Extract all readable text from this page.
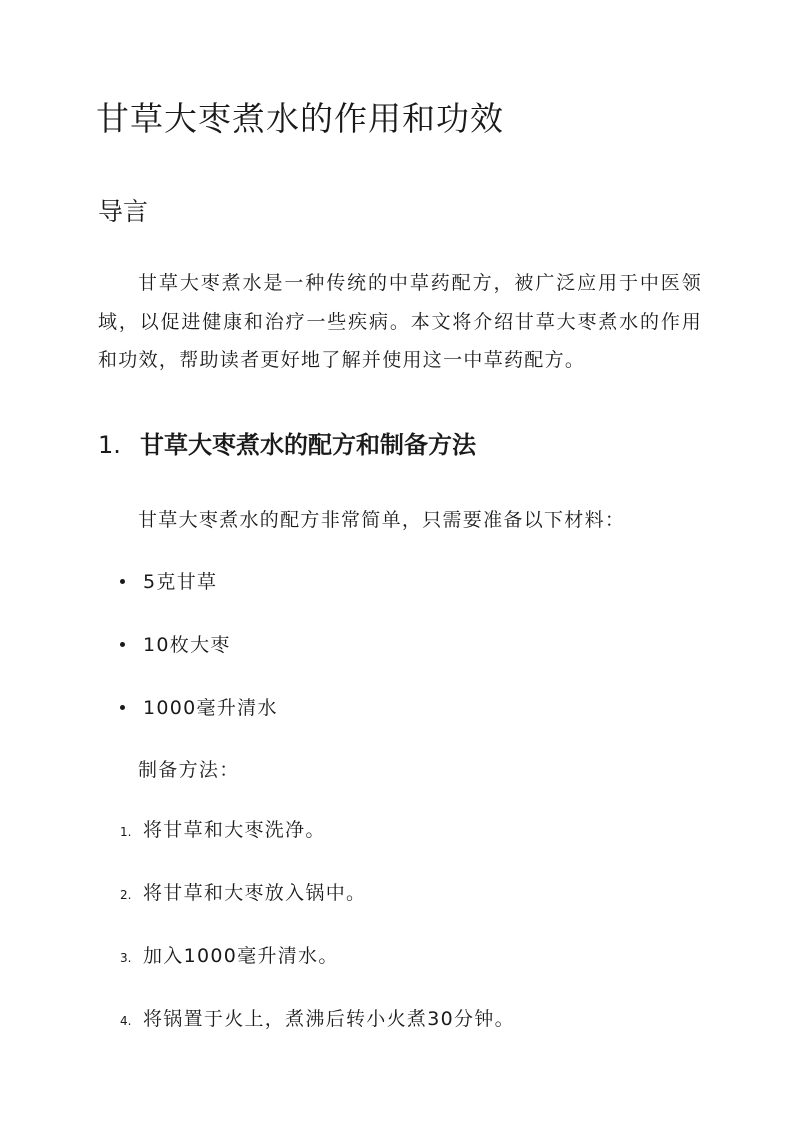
甘草大枣煮水的作用和功效
导言

甘草大枣煮水是一种传统的中草药配方，被广泛应用于中医领域，以促进健康和治疗一些疾病。本文将介绍甘草大枣煮水的作用和功效，帮助读者更好地了解并使用这一中草药配方。

1. 甘草大枣煮水的配方和制备方法

甘草大枣煮水的配方非常简单，只需要准备以下材料：

5克甘草

10枚大枣

1000毫升清水

制备方法：

1. 将甘草和大枣洗净。

2. 将甘草和大枣放入锅中。

3. 加入1000毫升清水。

4. 将锅置于火上，煮沸后转小火煮30分钟。
